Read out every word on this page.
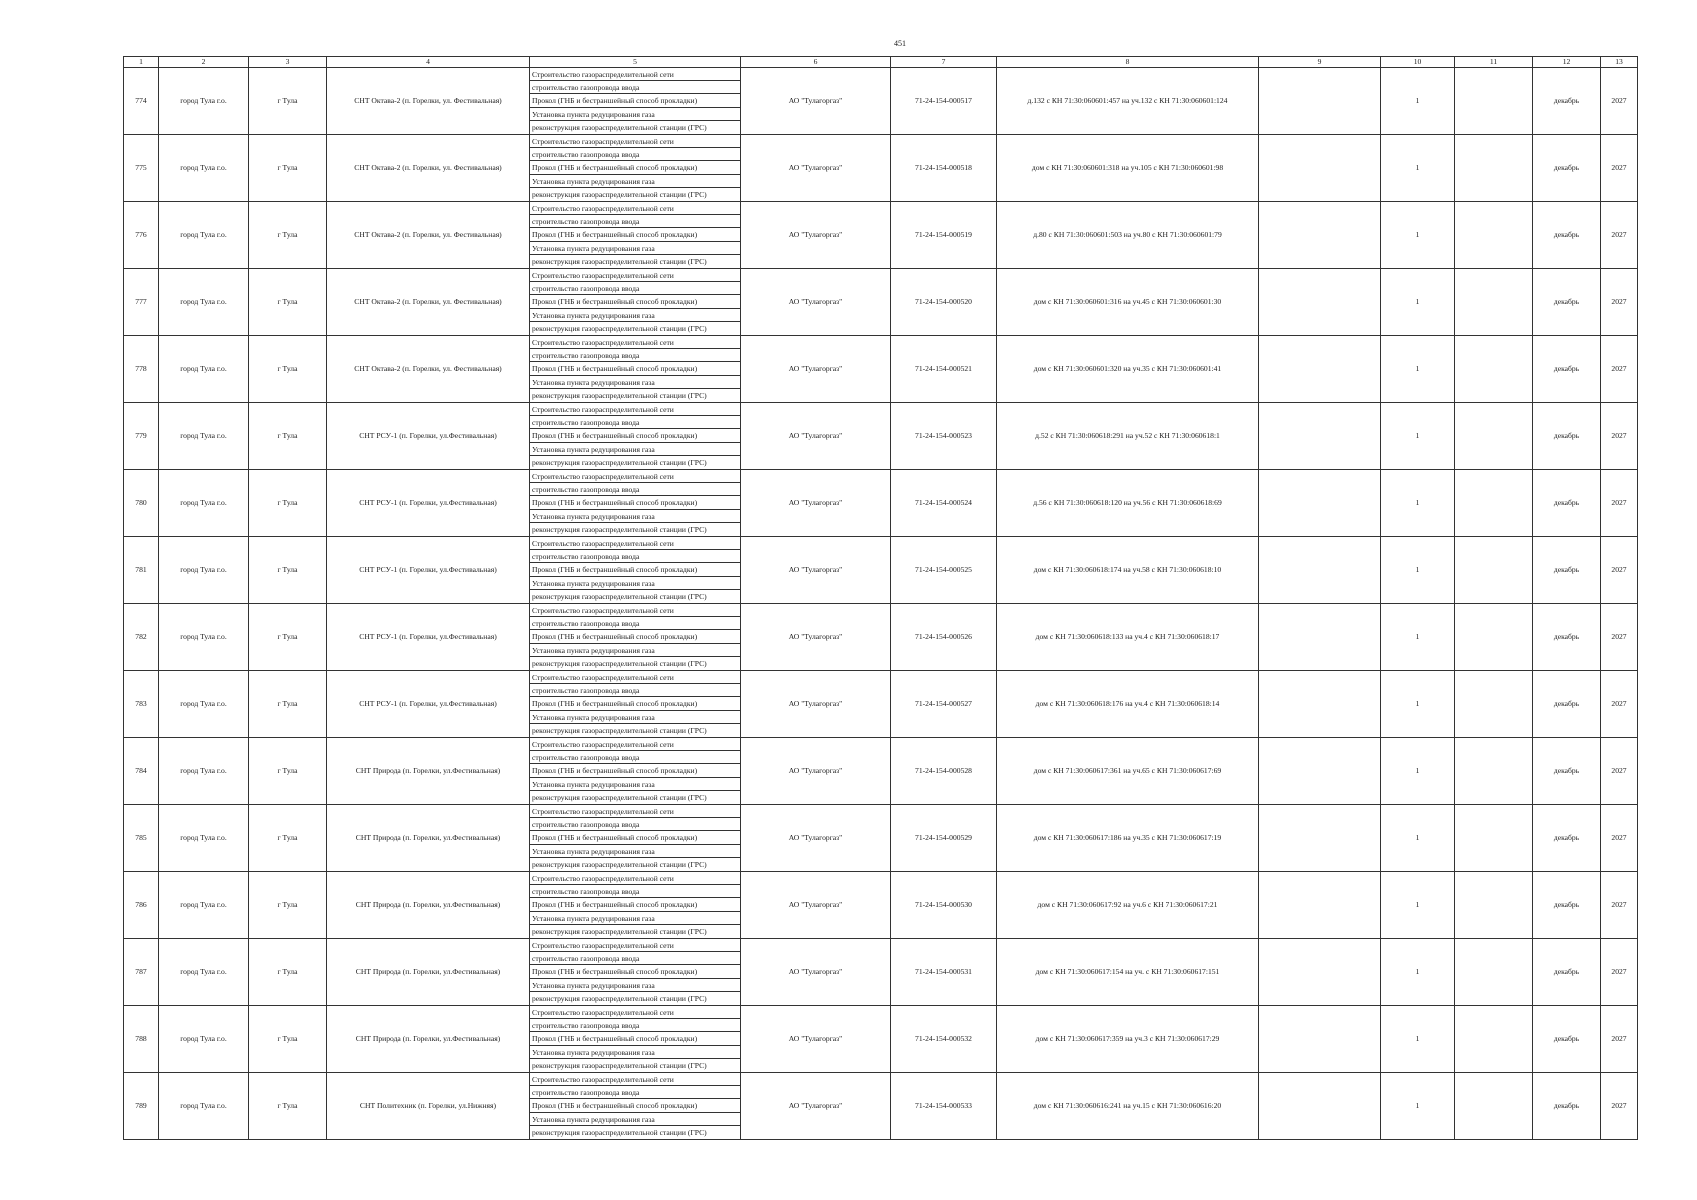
451
1	2	3	4	5	6	7	8	9	10	11	12	13
774	город Тула г.о.	г Тула	СНТ Октава-2 (п. Горелки, ул. Фестивальная)	Строительство газораспределительной сети
строительство газопровода ввода
Прокол (ГНБ и бестраншейный способ прокладки)
Установка пункта редуцирования газа
реконструкция газораспределительной станции (ГРС)	АО "Тулагоргаз"	71-24-154-000517	д.132 с КН 71:30:060601:457 на уч.132 с КН 71:30:060601:124		1		декабрь	2027
775	город Тула г.о.	г Тула	СНТ Октава-2 (п. Горелки, ул. Фестивальная)	Строительство газораспределительной сети
строительство газопровода ввода
Прокол (ГНБ и бестраншейный способ прокладки)
Установка пункта редуцирования газа
реконструкция газораспределительной станции (ГРС)	АО "Тулагоргаз"	71-24-154-000518	дом с КН 71:30:060601:318 на уч.105 с КН 71:30:060601:98		1		декабрь	2027
776	город Тула г.о.	г Тула	СНТ Октава-2 (п. Горелки, ул. Фестивальная)	Строительство газораспределительной сети
строительство газопровода ввода
Прокол (ГНБ и бестраншейный способ прокладки)
Установка пункта редуцирования газа
реконструкция газораспределительной станции (ГРС)	АО "Тулагоргаз"	71-24-154-000519	д.80 с КН 71:30:060601:503 на уч.80 с КН 71:30:060601:79		1		декабрь	2027
777	город Тула г.о.	г Тула	СНТ Октава-2 (п. Горелки, ул. Фестивальная)	Строительство газораспределительной сети
строительство газопровода ввода
Прокол (ГНБ и бестраншейный способ прокладки)
Установка пункта редуцирования газа
реконструкция газораспределительной станции (ГРС)	АО "Тулагоргаз"	71-24-154-000520	дом с КН 71:30:060601:316 на уч.45 с КН 71:30:060601:30		1		декабрь	2027
778	город Тула г.о.	г Тула	СНТ Октава-2 (п. Горелки, ул. Фестивальная)	Строительство газораспределительной сети
строительство газопровода ввода
Прокол (ГНБ и бестраншейный способ прокладки)
Установка пункта редуцирования газа
реконструкция газораспределительной станции (ГРС)	АО "Тулагоргаз"	71-24-154-000521	дом с КН 71:30:060601:320 на уч.35 с КН 71:30:060601:41		1		декабрь	2027
779	город Тула г.о.	г Тула	СНТ РСУ-1 (п. Горелки, ул.Фестивальная)	Строительство газораспределительной сети
строительство газопровода ввода
Прокол (ГНБ и бестраншейный способ прокладки)
Установка пункта редуцирования газа
реконструкция газораспределительной станции (ГРС)	АО "Тулагоргаз"	71-24-154-000523	д.52 с КН 71:30:060618:291 на уч.52 с КН 71:30:060618:1		1		декабрь	2027
780	город Тула г.о.	г Тула	СНТ РСУ-1 (п. Горелки, ул.Фестивальная)	Строительство газораспределительной сети
строительство газопровода ввода
Прокол (ГНБ и бестраншейный способ прокладки)
Установка пункта редуцирования газа
реконструкция газораспределительной станции (ГРС)	АО "Тулагоргаз"	71-24-154-000524	д.56 с КН 71:30:060618:120 на уч.56 с КН 71:30:060618:69		1		декабрь	2027
781	город Тула г.о.	г Тула	СНТ РСУ-1 (п. Горелки, ул.Фестивальная)	Строительство газораспределительной сети
строительство газопровода ввода
Прокол (ГНБ и бестраншейный способ прокладки)
Установка пункта редуцирования газа
реконструкция газораспределительной станции (ГРС)	АО "Тулагоргаз"	71-24-154-000525	дом с КН 71:30:060618:174 на уч.58 с КН 71:30:060618:10		1		декабрь	2027
782	город Тула г.о.	г Тула	СНТ РСУ-1 (п. Горелки, ул.Фестивальная)	Строительство газораспределительной сети
строительство газопровода ввода
Прокол (ГНБ и бестраншейный способ прокладки)
Установка пункта редуцирования газа
реконструкция газораспределительной станции (ГРС)	АО "Тулагоргаз"	71-24-154-000526	дом с КН 71:30:060618:133 на уч.4 с КН 71:30:060618:17		1		декабрь	2027
783	город Тула г.о.	г Тула	СНТ РСУ-1 (п. Горелки, ул.Фестивальная)	Строительство газораспределительной сети
строительство газопровода ввода
Прокол (ГНБ и бестраншейный способ прокладки)
Установка пункта редуцирования газа
реконструкция газораспределительной станции (ГРС)	АО "Тулагоргаз"	71-24-154-000527	дом с КН 71:30:060618:176 на уч.4 с КН 71:30:060618:14		1		декабрь	2027
784	город Тула г.о.	г Тула	СНТ Природа (п. Горелки, ул.Фестивальная)	Строительство газораспределительной сети
строительство газопровода ввода
Прокол (ГНБ и бестраншейный способ прокладки)
Установка пункта редуцирования газа
реконструкция газораспределительной станции (ГРС)	АО "Тулагоргаз"	71-24-154-000528	дом с КН 71:30:060617:361 на уч.65 с КН 71:30:060617:69		1		декабрь	2027
785	город Тула г.о.	г Тула	СНТ Природа (п. Горелки, ул.Фестивальная)	Строительство газораспределительной сети
строительство газопровода ввода
Прокол (ГНБ и бестраншейный способ прокладки)
Установка пункта редуцирования газа
реконструкция газораспределительной станции (ГРС)	АО "Тулагоргаз"	71-24-154-000529	дом с КН 71:30:060617:186 на уч.35 с КН 71:30:060617:19		1		декабрь	2027
786	город Тула г.о.	г Тула	СНТ Природа (п. Горелки, ул.Фестивальная)	Строительство газораспределительной сети
строительство газопровода ввода
Прокол (ГНБ и бестраншейный способ прокладки)
Установка пункта редуцирования газа
реконструкция газораспределительной станции (ГРС)	АО "Тулагоргаз"	71-24-154-000530	дом с КН 71:30:060617:92 на уч.6 с КН 71:30:060617:21		1		декабрь	2027
787	город Тула г.о.	г Тула	СНТ Природа (п. Горелки, ул.Фестивальная)	Строительство газораспределительной сети
строительство газопровода ввода
Прокол (ГНБ и бестраншейный способ прокладки)
Установка пункта редуцирования газа
реконструкция газораспределительной станции (ГРС)	АО "Тулагоргаз"	71-24-154-000531	дом с КН 71:30:060617:154 на уч. с КН 71:30:060617:151		1		декабрь	2027
788	город Тула г.о.	г Тула	СНТ Природа (п. Горелки, ул.Фестивальная)	Строительство газораспределительной сети
строительство газопровода ввода
Прокол (ГНБ и бестраншейный способ прокладки)
Установка пункта редуцирования газа
реконструкция газораспределительной станции (ГРС)	АО "Тулагоргаз"	71-24-154-000532	дом с КН 71:30:060617:359 на уч.3 с КН 71:30:060617:29		1		декабрь	2027
789	город Тула г.о.	г Тула	СНТ Политехник (п. Горелки, ул.Нижняя)	Строительство газораспределительной сети
строительство газопровода ввода
Прокол (ГНБ и бестраншейный способ прокладки)
Установка пункта редуцирования газа
реконструкция газораспределительной станции (ГРС)	АО "Тулагоргаз"	71-24-154-000533	дом с КН 71:30:060616:241 на уч.15 с КН 71:30:060616:20		1		декабрь	2027
